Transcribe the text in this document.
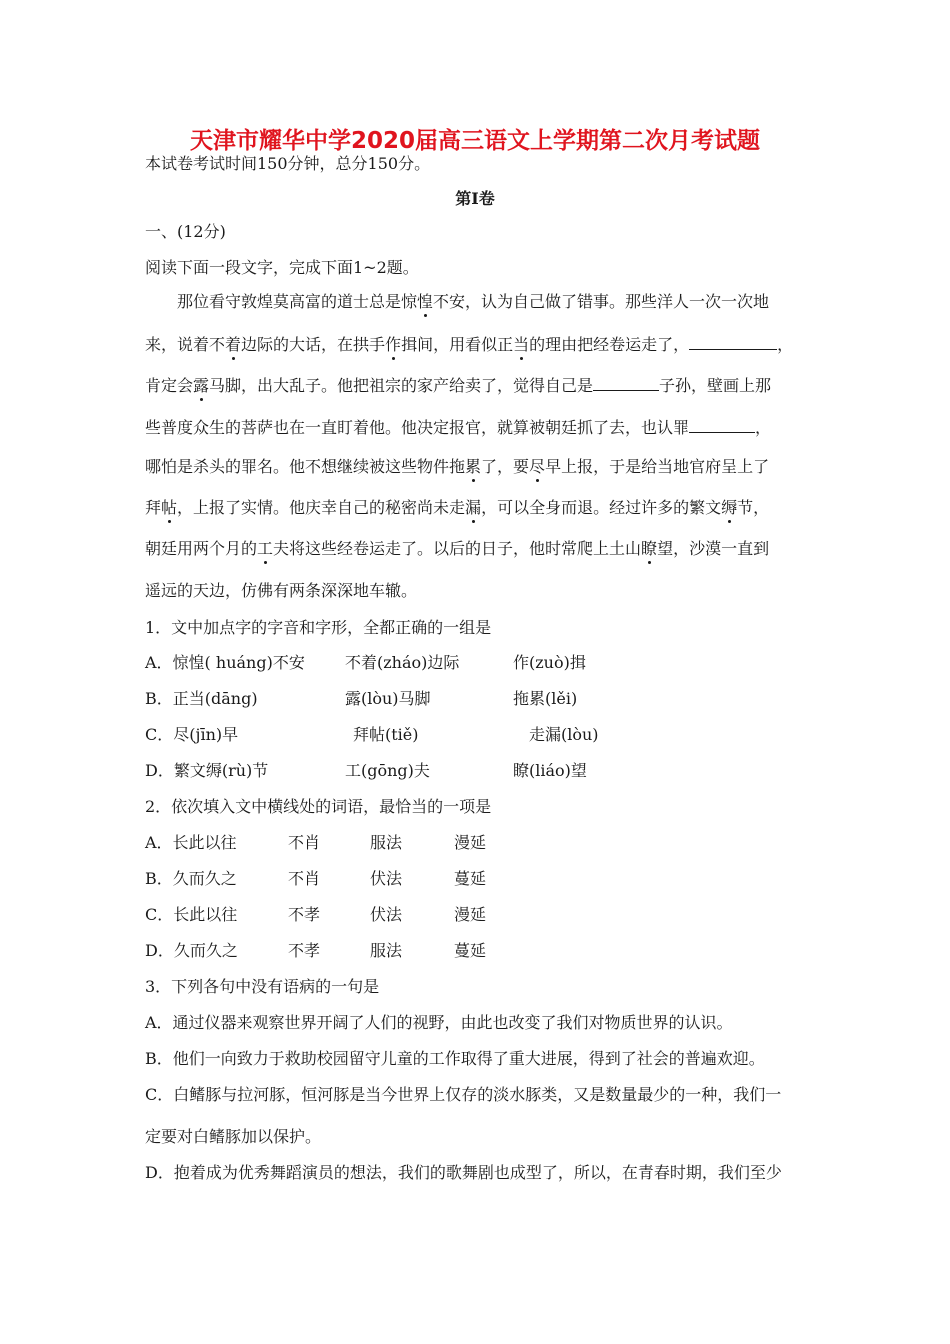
天津市耀华中学2020届高三语文上学期第二次月考试题
本试卷考试时间150分钟，总分150分。
第Ⅰ卷
一、(12分)
阅读下面一段文字，完成下面1~2题。
那位看守敦煌莫高富的道士总是惊惶不安，认为自己做了错事。那些洋人一次一次地
来，说着不着边际的大话，在拱手作揖间，用看似正当的理由把经卷运走了，	，
肯定会露马脚，出大乱子。他把祖宗的家产给卖了，觉得自己是	子孙，壁画上那
些普度众生的菩萨也在一直盯着他。他决定报官，就算被朝廷抓了去，也认罪	，
哪怕是杀头的罪名。他不想继续被这些物件拖累了，要尽早上报，于是给当地官府呈上了
拜帖，上报了实情。他庆幸自己的秘密尚未走漏，可以全身而退。经过许多的繁文缛节，
朝廷用两个月的工夫将这些经卷运走了。以后的日子，他时常爬上土山瞭望，沙漠一直到
遥远的天边，仿佛有两条深深地车辙。
1．文中加点字的字音和字形，全都正确的一组是
A．惊惶( huáng)不安	不着(zháo)边际	作(zuò)揖
B．正当(dāng)	露(lòu)马脚	拖累(lěi)
C．尽(jīn)早	拜帖(tiě)	走漏(lòu)
D．繁文缛(rù)节	工(gōng)夫	瞭(liáo)望
2．依次填入文中横线处的词语，最恰当的一项是
A．长此以往	不肖	服法	漫延
B．久而久之	不肖	伏法	蔓延
C．长此以往	不孝	伏法	漫延
D．久而久之	不孝	服法	蔓延
3．下列各句中没有语病的一句是
A．通过仪器来观察世界开阔了人们的视野，由此也改变了我们对物质世界的认识。
B．他们一向致力于救助校园留守儿童的工作取得了重大进展，得到了社会的普遍欢迎。
C．白鳍豚与拉河豚，恒河豚是当今世界上仅存的淡水豚类，又是数量最少的一种，我们一
定要对白鳍豚加以保护。
D．抱着成为优秀舞蹈演员的想法，我们的歌舞剧也成型了，所以，在青春时期，我们至少
